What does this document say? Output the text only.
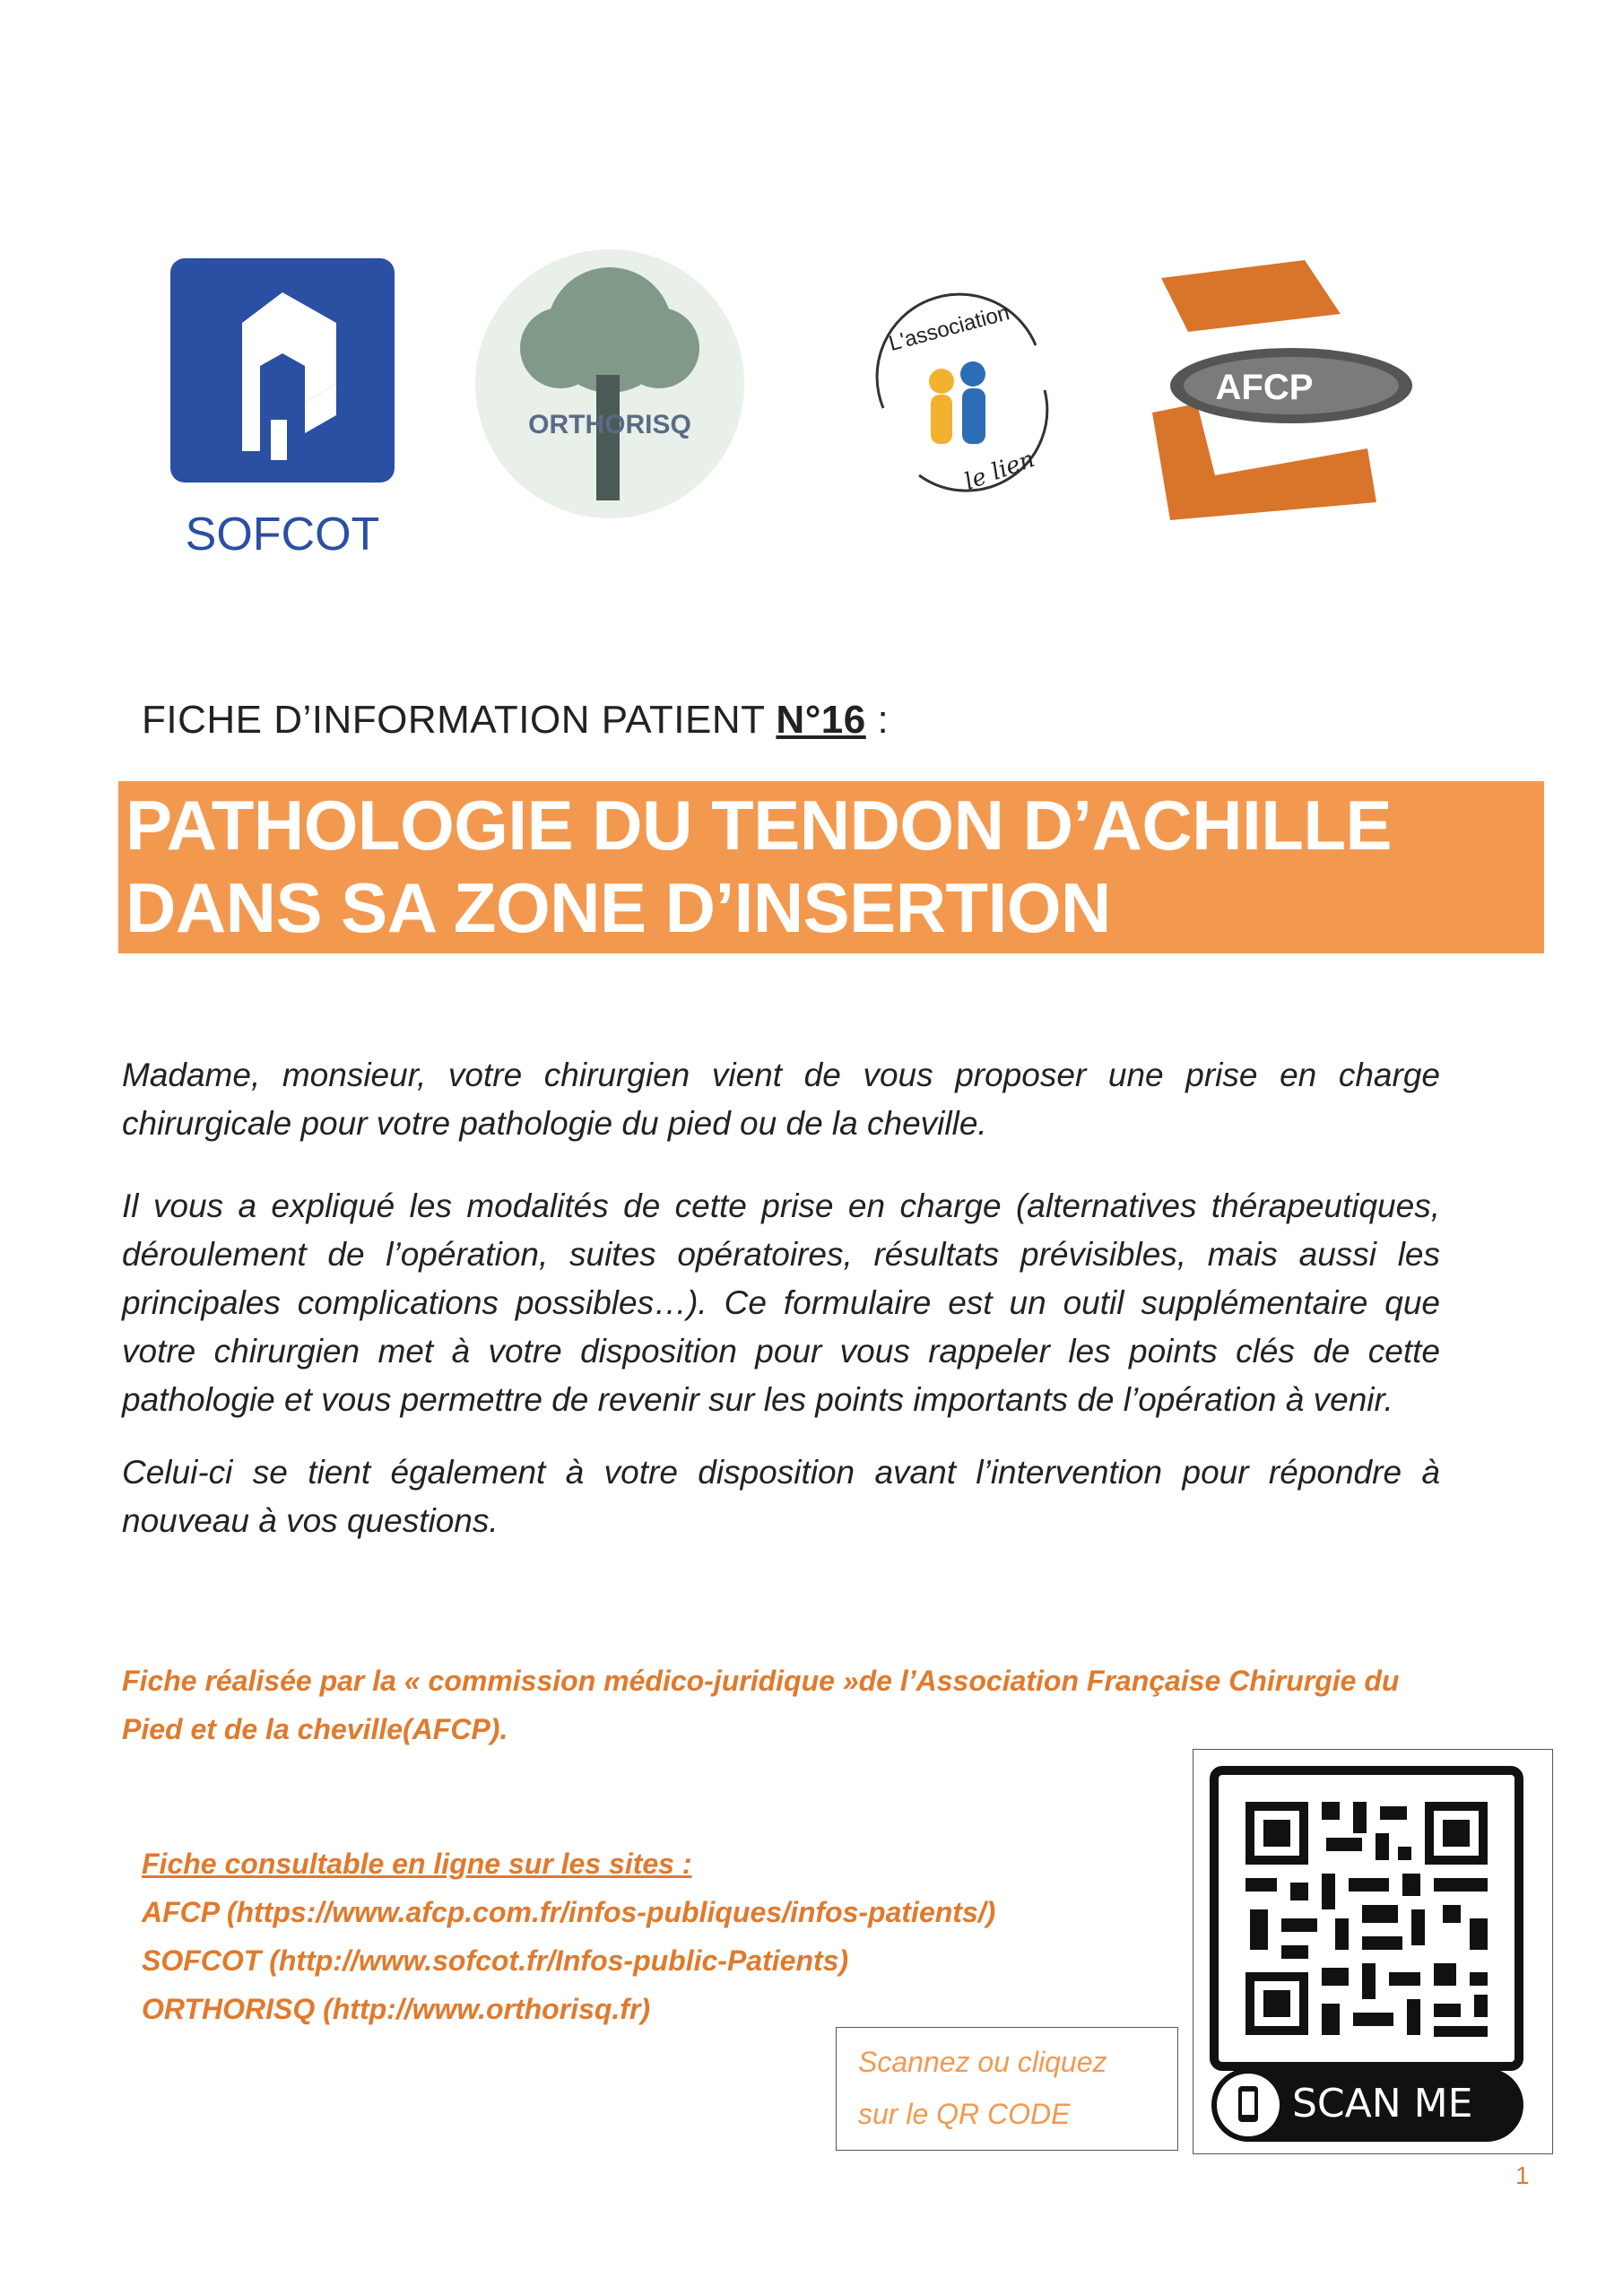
SOFCOT
ORTHORISQ
L'association
le lien
AFCP
FICHE D’INFORMATION PATIENT N°16 :
PATHOLOGIE DU TENDON D’ACHILLE
DANS SA ZONE D’INSERTION
Madame, monsieur, votre chirurgien vient de vous proposer une prise en charge chirurgicale pour votre pathologie du pied ou de la cheville.
Il vous a expliqué les modalités de cette prise en charge (alternatives thérapeutiques, déroulement de l’opération, suites opératoires, résultats prévisibles, mais aussi les principales complications possibles…). Ce formulaire est un outil supplémentaire que votre chirurgien met à votre disposition pour vous rappeler les points clés de cette pathologie et vous permettre de revenir sur les points importants de l’opération à venir.
Celui-ci se tient également à votre disposition avant l’intervention pour répondre à nouveau à vos questions.
Fiche réalisée par la « commission médico-juridique »de l’Association Française Chirurgie du Pied et de la cheville(AFCP).
Fiche consultable en ligne sur les sites :
AFCP (https://www.afcp.com.fr/infos-publiques/infos-patients/)
SOFCOT (http://www.sofcot.fr/Infos-public-Patients)
ORTHORISQ (http://www.orthorisq.fr)
Scannez ou cliquez
sur le QR CODE	SCAN ME
1
